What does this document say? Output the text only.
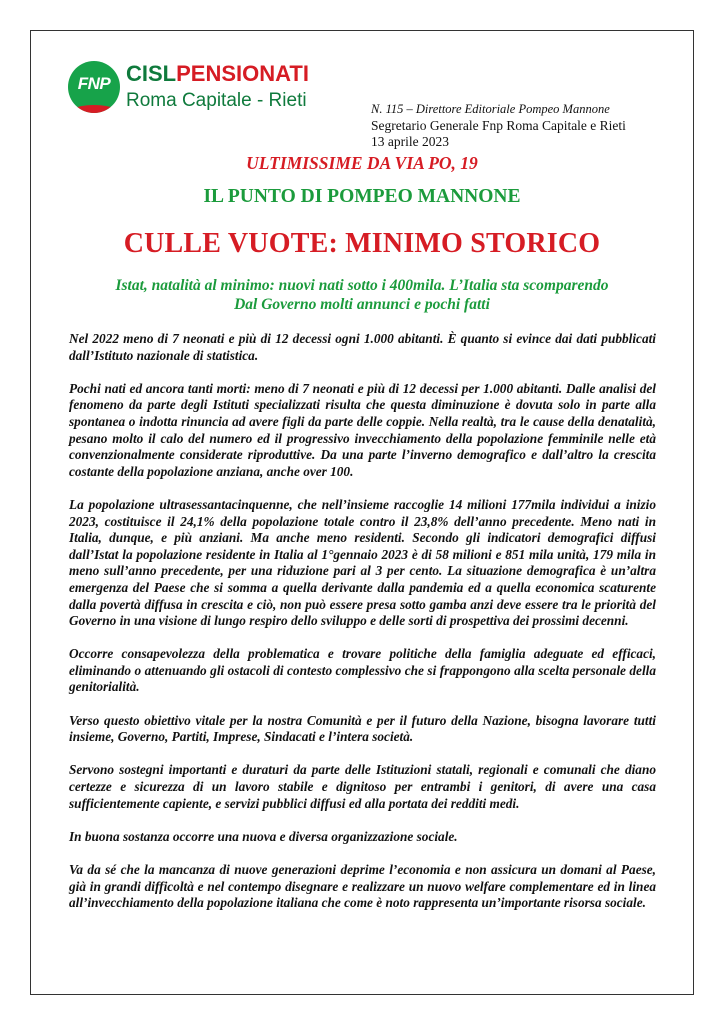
FNP CISLPENSIONATI
Roma Capitale - Rieti	N. 115 – Direttore Editoriale Pompeo Mannone
Segretario Generale Fnp Roma Capitale e Rieti
13 aprile 2023
ULTIMISSIME DA VIA PO, 19
IL PUNTO DI POMPEO MANNONE
CULLE VUOTE: MINIMO STORICO
Istat, natalità al minimo: nuovi nati sotto i 400mila. L’Italia sta scomparendo
Dal Governo molti annunci e pochi fatti

Nel 2022 meno di 7 neonati e più di 12 decessi ogni 1.000 abitanti. È quanto si evince dai dati pubblicati dall’Istituto nazionale di statistica.

Pochi nati ed ancora tanti morti: meno di 7 neonati e più di 12 decessi per 1.000 abitanti. Dalle analisi del fenomeno da parte degli Istituti specializzati risulta che questa diminuzione è dovuta solo in parte alla spontanea o indotta rinuncia ad avere figli da parte delle coppie. Nella realtà, tra le cause della denatalità, pesano molto il calo del numero ed il progressivo invecchiamento della popolazione femminile nelle età convenzionalmente considerate riproduttive. Da una parte l’inverno demografico e dall’altro la crescita costante della popolazione anziana, anche over 100.

La popolazione ultrasessantacinquenne, che nell’insieme raccoglie 14 milioni 177mila individui a inizio 2023, costituisce il 24,1% della popolazione totale contro il 23,8% dell’anno precedente. Meno nati in Italia, dunque, e più anziani. Ma anche meno residenti. Secondo gli indicatori demografici diffusi dall’Istat la popolazione residente in Italia al 1°gennaio 2023 è di 58 milioni e 851 mila unità, 179 mila in meno sull’anno precedente, per una riduzione pari al 3 per cento. La situazione demografica è un’altra emergenza del Paese che si somma a quella derivante dalla pandemia ed a quella economica scaturente dalla povertà diffusa in crescita e ciò, non può essere presa sotto gamba anzi deve essere tra le priorità del Governo in una visione di lungo respiro dello sviluppo e delle sorti di prospettiva dei prossimi decenni.

Occorre consapevolezza della problematica e trovare politiche della famiglia adeguate ed efficaci, eliminando o attenuando gli ostacoli di contesto complessivo che si frappongono alla scelta personale della genitorialità.

Verso questo obiettivo vitale per la nostra Comunità e per il futuro della Nazione, bisogna lavorare tutti insieme, Governo, Partiti, Imprese, Sindacati e l’intera società.

Servono sostegni importanti e duraturi da parte delle Istituzioni statali, regionali e comunali che diano certezze e sicurezza di un lavoro stabile e dignitoso per entrambi i genitori, di avere una casa sufficientemente capiente, e servizi pubblici diffusi ed alla portata dei redditi medi.

In buona sostanza occorre una nuova e diversa organizzazione sociale.

Va da sé che la mancanza di nuove generazioni deprime l’economia e non assicura un domani al Paese, già in grandi difficoltà e nel contempo disegnare e realizzare un nuovo welfare complementare ed in linea all’invecchiamento della popolazione italiana che come è noto rappresenta un’importante risorsa sociale.
